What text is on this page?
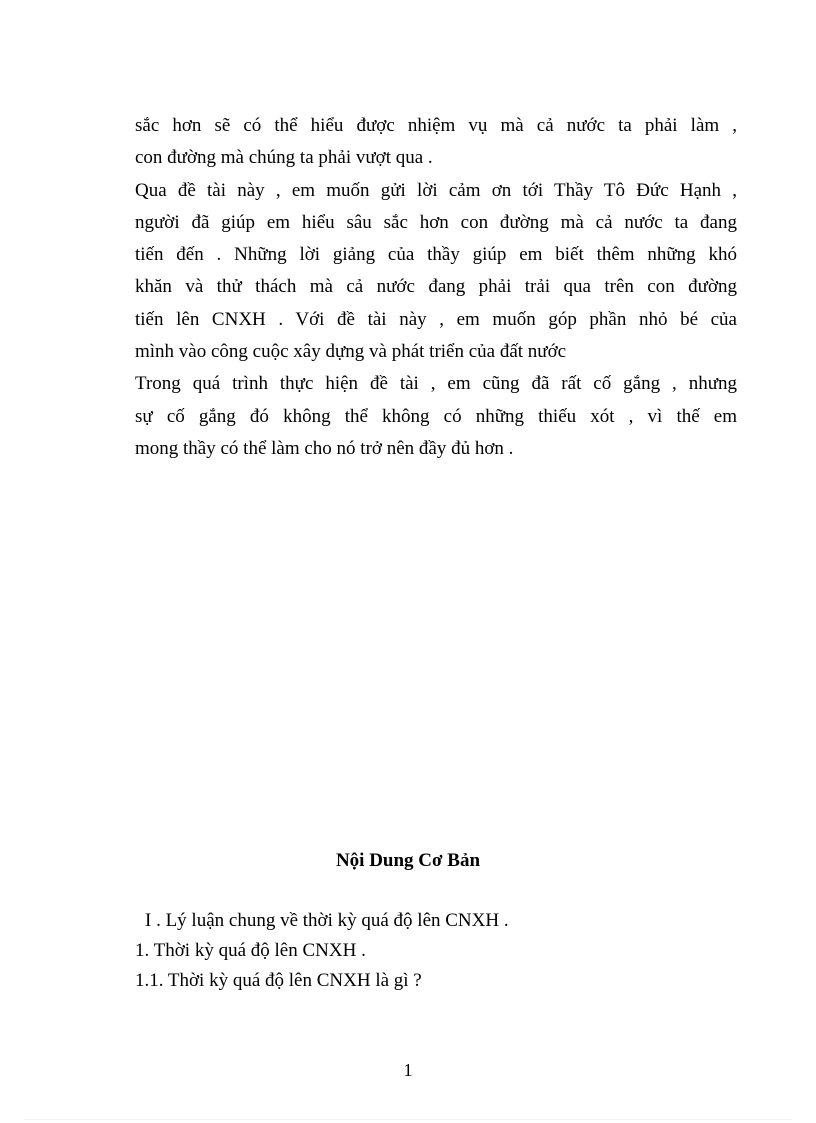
sắc hơn sẽ có thể hiểu được nhiệm vụ mà cả nước ta phải làm ,
con đường mà chúng ta phải vượt qua .
Qua đề tài này , em muốn gửi lời cảm ơn tới Thầy Tô Đức Hạnh ,
người đã giúp em hiểu sâu sắc hơn con đường mà cả nước ta đang
tiến đến . Những lời giảng của thầy giúp em biết thêm những khó
khăn và thử thách mà cả nước đang phải trải qua trên con đường
tiến lên CNXH . Với đề tài này , em muốn góp phần nhỏ bé của
mình vào công cuộc xây dựng và phát triển của đất nước
Trong quá trình thực hiện đề tài , em cũng đã rất cố gắng , nhưng
sự cố gắng đó không thể không có những thiếu xót , vì thế em
mong thầy có thể làm cho nó trở nên đầy đủ hơn .
Nội Dung Cơ Bản
I . Lý luận chung về thời kỳ quá độ lên CNXH .
1. Thời kỳ quá độ lên CNXH .
1.1. Thời kỳ quá độ lên CNXH là gì ?
1
